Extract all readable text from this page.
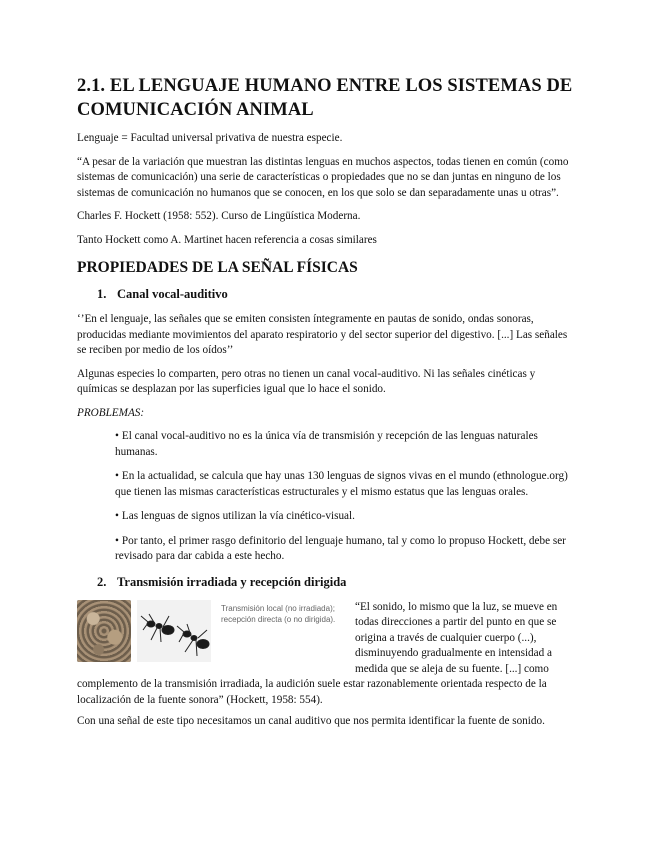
2.1. EL LENGUAJE HUMANO ENTRE LOS SISTEMAS DE COMUNICACIÓN ANIMAL

Lenguaje = Facultad universal privativa de nuestra especie.

“A pesar de la variación que muestran las distintas lenguas en muchos aspectos, todas tienen en común (como sistemas de comunicación) una serie de características o propiedades que no se dan juntas en ninguno de los sistemas de comunicación no humanos que se conocen, en los que solo se dan separadamente unas u otras”.

Charles F. Hockett (1958: 552). Curso de Lingüística Moderna.

Tanto Hockett como A. Martinet hacen referencia a cosas similares

PROPIEDADES DE LA SEÑAL FÍSICAS
1. Canal vocal-auditivo

‘’En el lenguaje, las señales que se emiten consisten íntegramente en pautas de sonido, ondas sonoras, producidas mediante movimientos del aparato respiratorio y del sector superior del digestivo. [...] Las señales se reciben por medio de los oídos’’

Algunas especies lo comparten, pero otras no tienen un canal vocal-auditivo. Ni las señales cinéticas y químicas se desplazan por las superficies igual que lo hace el sonido.

PROBLEMAS:

• El canal vocal-auditivo no es la única vía de transmisión y recepción de las lenguas naturales humanas.
• En la actualidad, se calcula que hay unas 130 lenguas de signos vivas en el mundo (ethnologue.org) que tienen las mismas características estructurales y el mismo estatus que las lenguas orales.
• Las lenguas de signos utilizan la vía cinético-visual.
• Por tanto, el primer rasgo definitorio del lenguaje humano, tal y como lo propuso Hockett, debe ser revisado para dar cabida a este hecho.
2. Transmisión irradiada y recepción dirigida
Transmisión local (no irradiada); recepción directa (o no dirigida).

“El sonido, lo mismo que la luz, se mueve en todas direcciones a partir del punto en que se origina a través de cualquier cuerpo (...), disminuyendo gradualmente en intensidad a medida que se aleja de su fuente. [...] como complemento de la transmisión irradiada, la audición suele estar razonablemente orientada respecto de la localización de la fuente sonora” (Hockett, 1958: 554).

Con una señal de este tipo necesitamos un canal auditivo que nos permita identificar la fuente de sonido.
